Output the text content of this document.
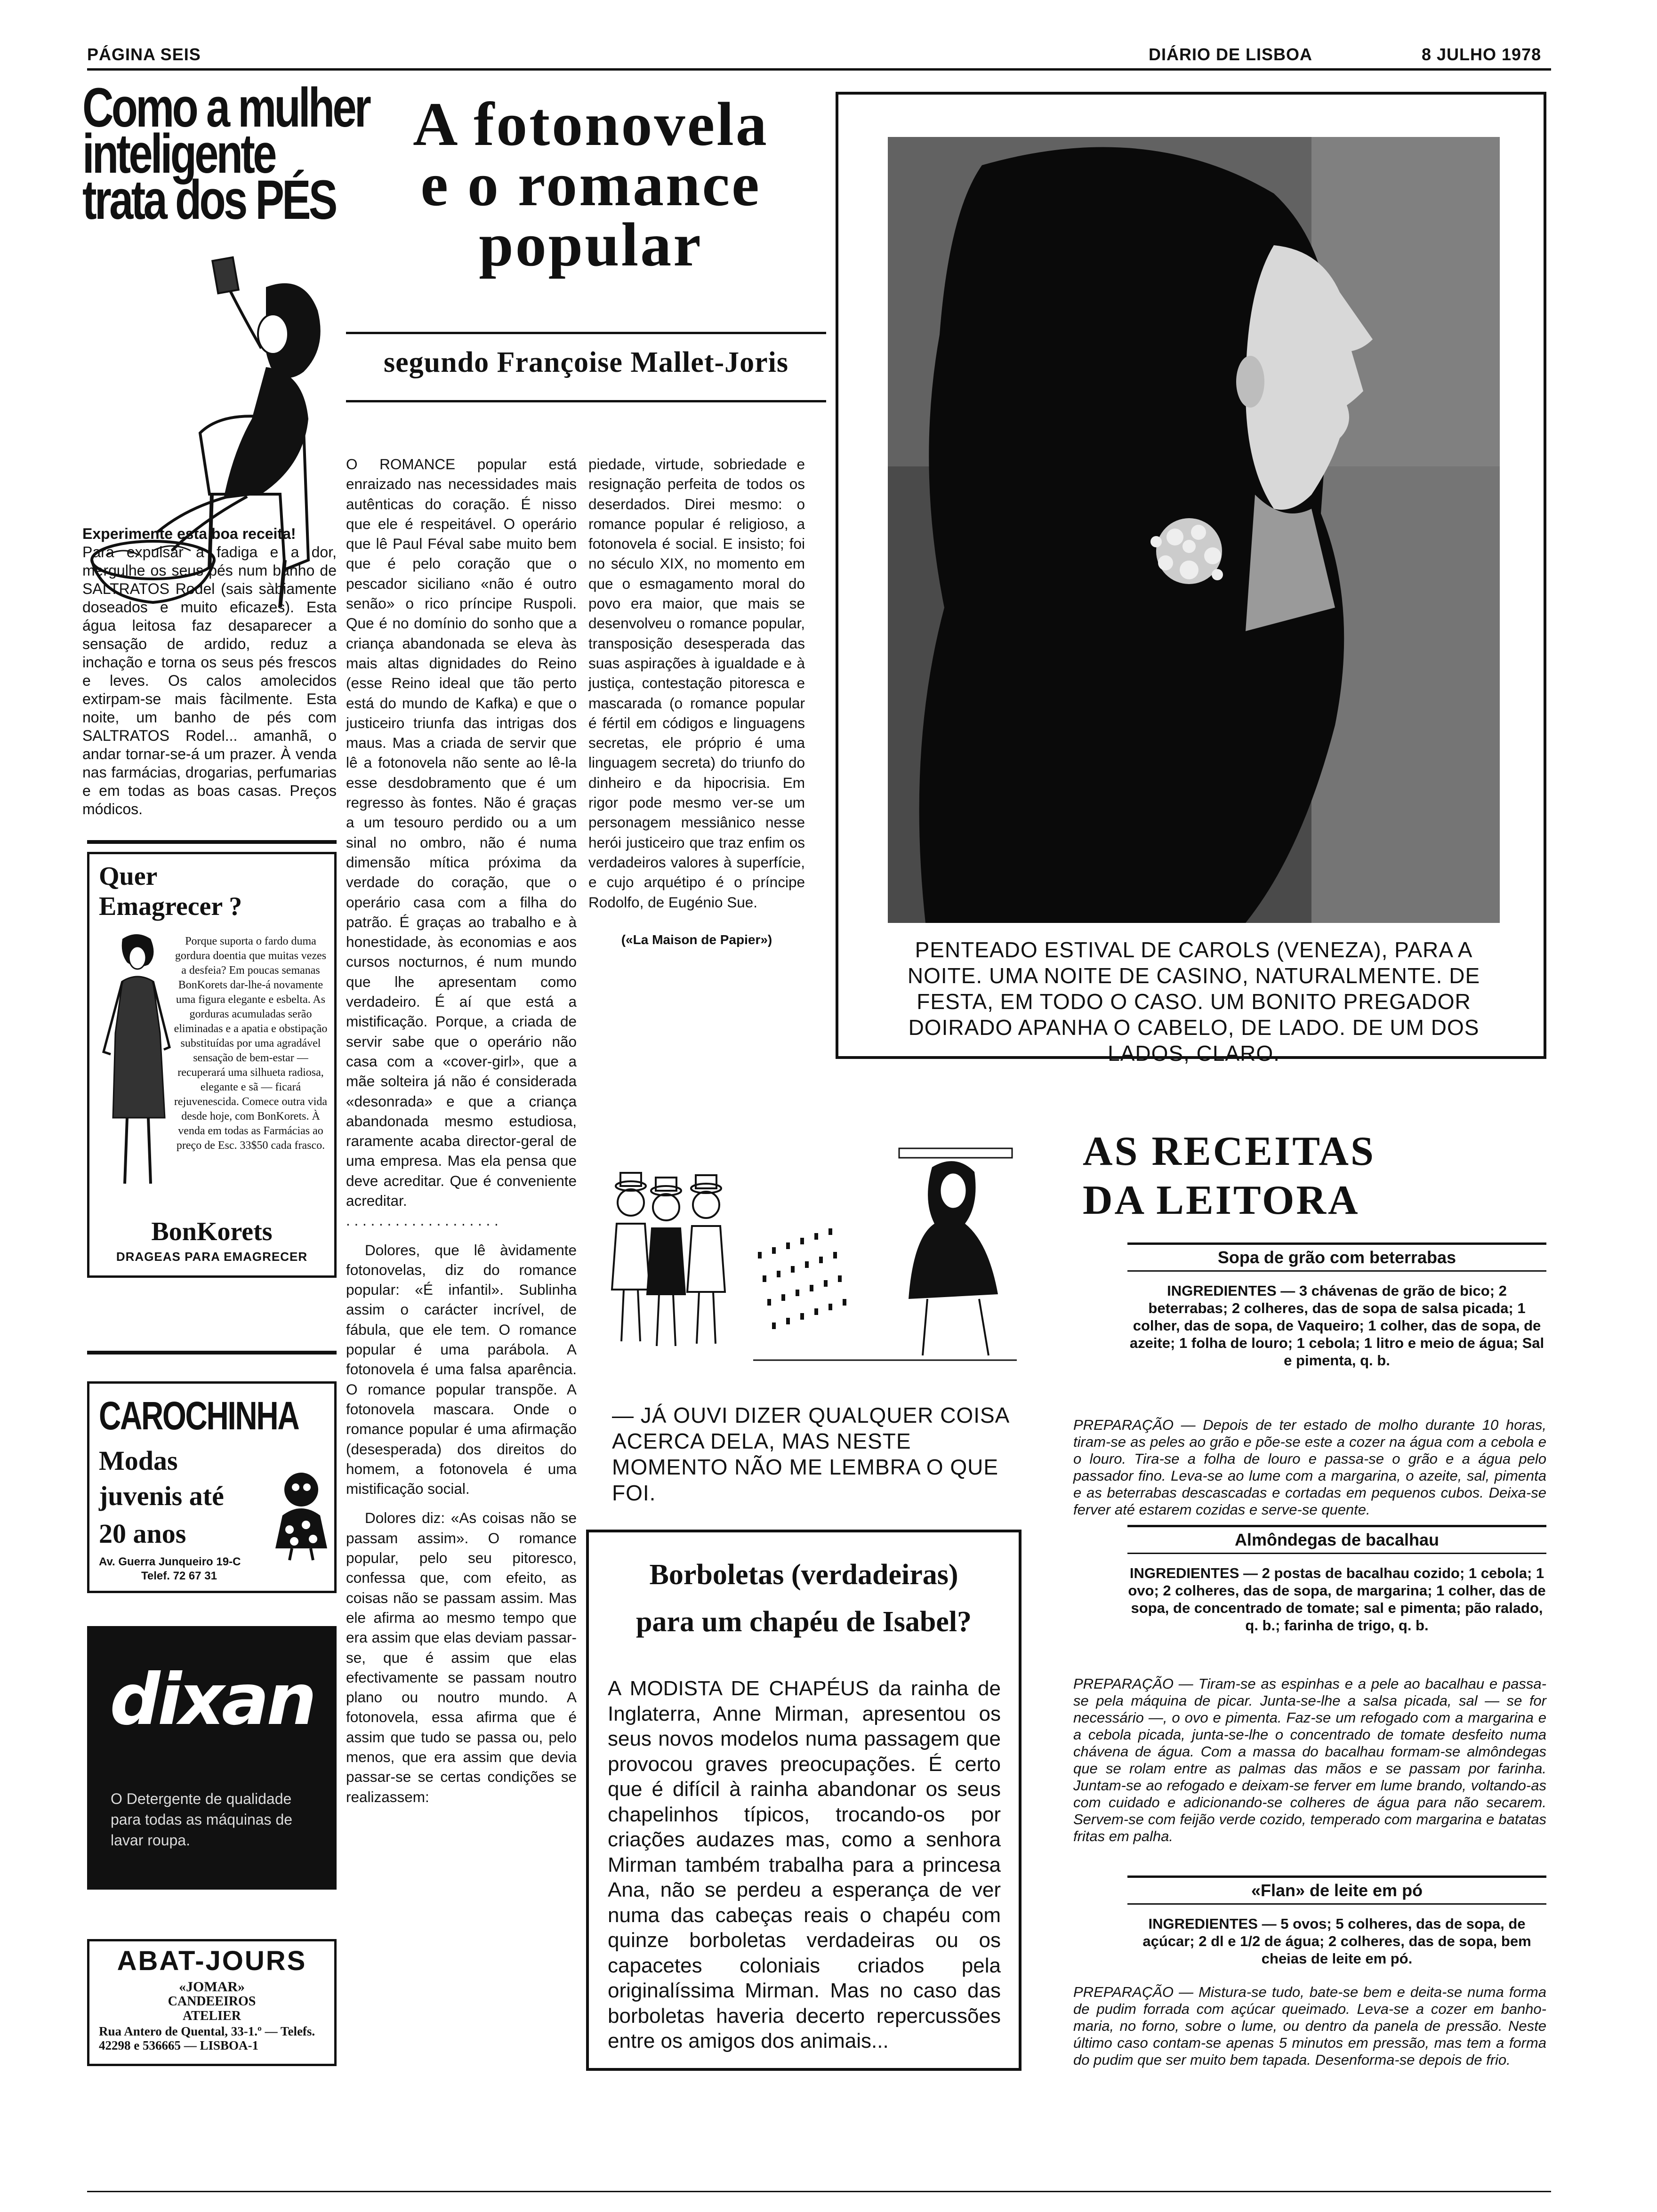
PÁGINA SEIS	DIÁRIO DE LISBOA	8 JULHO 1978
Como a mulher
inteligente
trata dos PÉS
Experimente esta boa receita!
Para expulsar a fadiga e a dor, mergulhe os seus pés num banho de SALTRATOS Rodel (sais sàbiamente doseados e muito eficazes). Esta água leitosa faz desaparecer a sensação de ardido, reduz a inchação e torna os seus pés frescos e leves. Os calos amolecidos extirpam-se mais fàcilmente. Esta noite, um banho de pés com SALTRATOS Rodel... amanhã, o andar tornar-se-á um prazer. À venda nas farmácias, drogarias, perfumarias e em todas as boas casas. Preços módicos.
Quer
Emagrecer ?
Porque suporta o fardo duma gordura doentia que muitas vezes a desfeia? Em poucas semanas BonKorets dar-lhe-á novamente uma figura elegante e esbelta. As gorduras acumuladas serão eliminadas e a apatia e obstipação substituídas por uma agradável sensação de bem-estar — recuperará uma silhueta radiosa, elegante e sã — ficará rejuvenescida. Comece outra vida desde hoje, com BonKorets. À venda em todas as Farmácias ao preço de Esc. 33$50 cada frasco.
BonKorets
DRAGEAS PARA EMAGRECER
CAROCHINHA
Modas
juvenis até
20 anos
Av. Guerra Junqueiro 19-C
Telef. 72 67 31
dixan
O Detergente de qualidade para todas as máquinas de lavar roupa.
ABAT-JOURS
«JOMAR»
CANDEEIROS
ATELIER
Rua Antero de Quental, 33-1.º — Telefs. 42298 e 536665 — LISBOA-1
A fotonovela
e o romance
popular
segundo Françoise Mallet-Joris

O ROMANCE popular está enraizado nas necessidades mais autênticas do coração. É nisso que ele é respeitável. O operário que lê Paul Féval sabe muito bem que é pelo coração que o pescador siciliano «não é outro senão» o rico príncipe Ruspoli. Que é no domínio do sonho que a criança abandonada se eleva às mais altas dignidades do Reino (esse Reino ideal que tão perto está do mundo de Kafka) e que o justiceiro triunfa das intrigas dos maus. Mas a criada de servir que lê a fotonovela não sente ao lê-la esse desdobramento que é um regresso às fontes. Não é graças a um tesouro perdido ou a um sinal no ombro, não é numa dimensão mítica próxima da verdade do coração, que o operário casa com a filha do patrão. É graças ao trabalho e à honestidade, às economias e aos cursos nocturnos, é num mundo que lhe apresentam como verdadeiro. É aí que está a mistificação. Porque, a criada de servir sabe que o operário não casa com a «cover-girl», que a mãe solteira já não é considerada «desonrada» e que a criança abandonada mesmo estudiosa, raramente acaba director-geral de uma empresa. Mas ela pensa que deve acreditar. Que é conveniente acreditar.

. . . . . . . . . . . . . . . . . . .

Dolores, que lê àvidamente fotonovelas, diz do romance popular: «É infantil». Sublinha assim o carácter incrível, de fábula, que ele tem. O romance popular é uma parábola. A fotonovela é uma falsa aparência. O romance popular transpõe. A fotonovela mascara. Onde o romance popular é uma afirmação (desesperada) dos direitos do homem, a fotonovela é uma mistificação social.

Dolores diz: «As coisas não se passam assim». O romance popular, pelo seu pitoresco, confessa que, com efeito, as coisas não se passam assim. Mas ele afirma ao mesmo tempo que era assim que elas deviam passar-se, que é assim que elas efectivamente se passam noutro plano ou noutro mundo. A fotonovela, essa afirma que é assim que tudo se passa ou, pelo menos, que era assim que devia passar-se se certas condições se realizassem:

piedade, virtude, sobriedade e resignação perfeita de todos os deserdados. Direi mesmo: o romance popular é religioso, a fotonovela é social. E insisto; foi no século XIX, no momento em que o esmagamento moral do povo era maior, que mais se desenvolveu o romance popular, transposição desesperada das suas aspirações à igualdade e à justiça, contestação pitoresca e mascarada (o romance popular é fértil em códigos e linguagens secretas, ele próprio é uma linguagem secreta) do triunfo do dinheiro e da hipocrisia. Em rigor pode mesmo ver-se um personagem messiânico nesse herói justiceiro que traz enfim os verdadeiros valores à superfície, e cujo arquétipo é o príncipe Rodolfo, de Eugénio Sue.

(«La Maison de Papier»)	PENTEADO ESTIVAL DE CAROLS (VENEZA), PARA A NOITE. UMA NOITE DE CASINO, NATURALMENTE. DE FESTA, EM TODO O CASO. UM BONITO PREGADOR DOIRADO APANHA O CABELO, DE LADO. DE UM DOS LADOS, CLARO.
— JÁ OUVI DIZER QUALQUER COISA ACERCA DELA, MAS NESTE MOMENTO NÃO ME LEMBRA O QUE FOI.
Borboletas (verdadeiras)
para um chapéu de Isabel?
A MODISTA DE CHAPÉUS da rainha de Inglaterra, Anne Mirman, apresentou os seus novos modelos numa passagem que provocou graves preocupações. É certo que é difícil à rainha abandonar os seus chapelinhos típicos, trocando-os por criações audazes mas, como a senhora Mirman também trabalha para a princesa Ana, não se perdeu a esperança de ver numa das cabeças reais o chapéu com quinze borboletas verdadeiras ou os capacetes coloniais criados pela originalíssima Mirman. Mas no caso das borboletas haveria decerto repercussões entre os amigos dos animais...
AS RECEITAS
DA LEITORA
Sopa de grão com beterrabas
INGREDIENTES — 3 chávenas de grão de bico; 2 beterrabas; 2 colheres, das de sopa de salsa picada; 1 colher, das de sopa, de Vaqueiro; 1 colher, das de sopa, de azeite; 1 folha de louro; 1 cebola; 1 litro e meio de água; Sal e pimenta, q. b.
PREPARAÇÃO — Depois de ter estado de molho durante 10 horas, tiram-se as peles ao grão e põe-se este a cozer na água com a cebola e o louro. Tira-se a folha de louro e passa-se o grão e a água pelo passador fino. Leva-se ao lume com a margarina, o azeite, sal, pimenta e as beterrabas descascadas e cortadas em pequenos cubos. Deixa-se ferver até estarem cozidas e serve-se quente.
Almôndegas de bacalhau
INGREDIENTES — 2 postas de bacalhau cozido; 1 cebola; 1 ovo; 2 colheres, das de sopa, de margarina; 1 colher, das de sopa, de concentrado de tomate; sal e pimenta; pão ralado, q. b.; farinha de trigo, q. b.
PREPARAÇÃO — Tiram-se as espinhas e a pele ao bacalhau e passa-se pela máquina de picar. Junta-se-lhe a salsa picada, sal — se for necessário —, o ovo e pimenta. Faz-se um refogado com a margarina e a cebola picada, junta-se-lhe o concentrado de tomate desfeito numa chávena de água. Com a massa do bacalhau formam-se almôndegas que se rolam entre as palmas das mãos e se passam por farinha. Juntam-se ao refogado e deixam-se ferver em lume brando, voltando-as com cuidado e adicionando-se colheres de água para não secarem. Servem-se com feijão verde cozido, temperado com margarina e batatas fritas em palha.
«Flan» de leite em pó
INGREDIENTES — 5 ovos; 5 colheres, das de sopa, de açúcar; 2 dl e 1/2 de água; 2 colheres, das de sopa, bem cheias de leite em pó.
PREPARAÇÃO — Mistura-se tudo, bate-se bem e deita-se numa forma de pudim forrada com açúcar queimado. Leva-se a cozer em banho-maria, no forno, sobre o lume, ou dentro da panela de pressão. Neste último caso contam-se apenas 5 minutos em pressão, mas tem a forma do pudim que ser muito bem tapada. Desenforma-se depois de frio.
